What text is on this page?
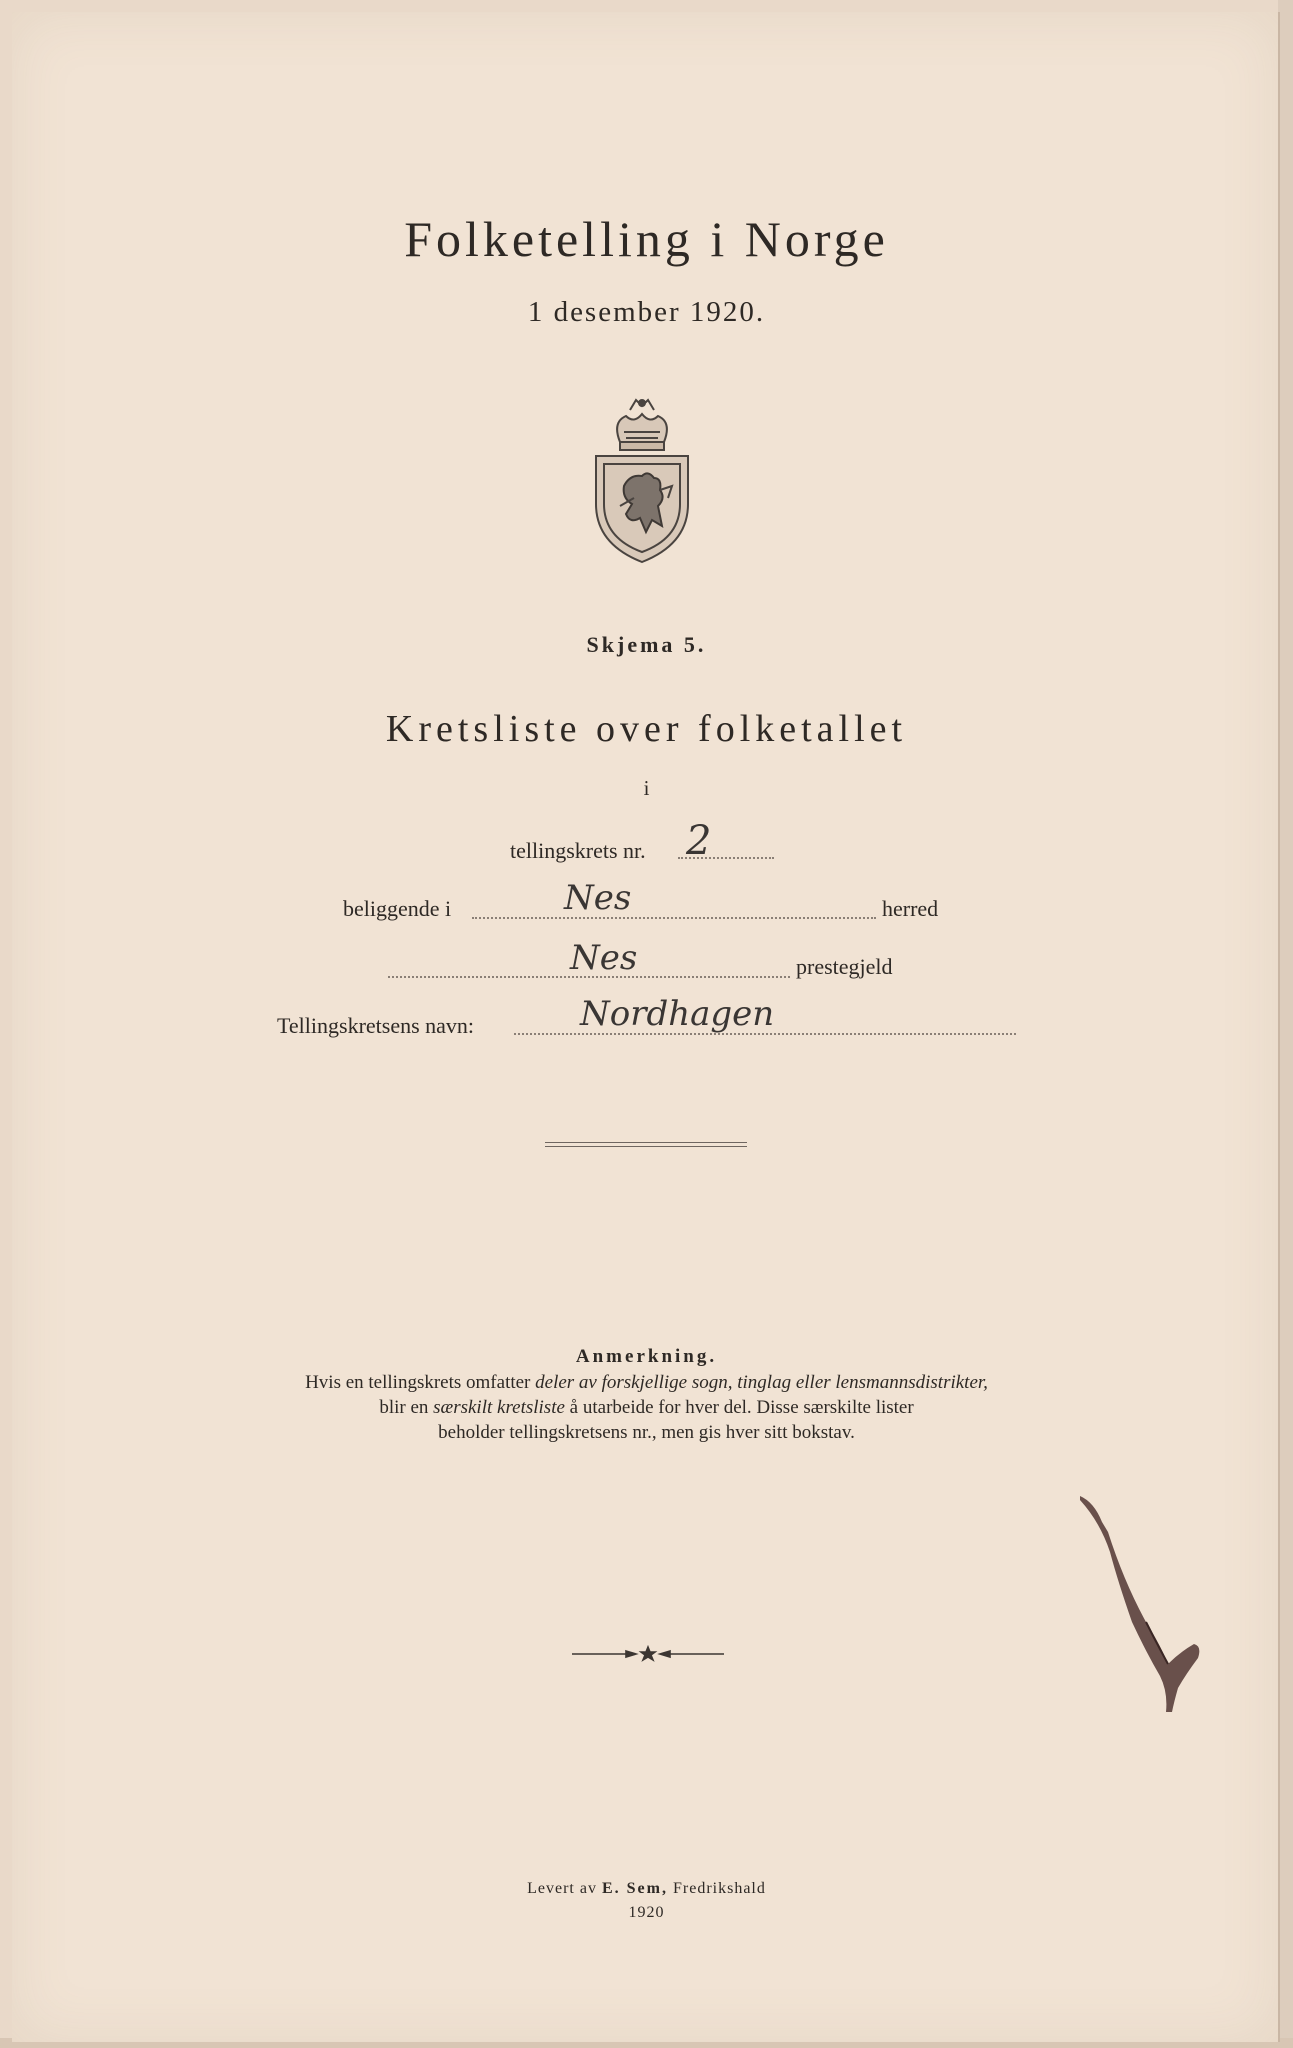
Folketelling i Norge
1 desember 1920.
Skjema 5.
Kretsliste over folketallet
i
tellingskrets nr. 2
beliggende i	Nes	herred
Nes	prestegjeld
Tellingskretsens navn:	Nordhagen
Anmerkning.
Hvis en tellingskrets omfatter deler av forskjellige sogn, tinglag eller lensmannsdistrikter,
blir en særskilt kretsliste å utarbeide for hver del. Disse særskilte lister
beholder tellingskretsens nr., men gis hver sitt bokstav.
Levert av E. Sem, Fredrikshald
1920
